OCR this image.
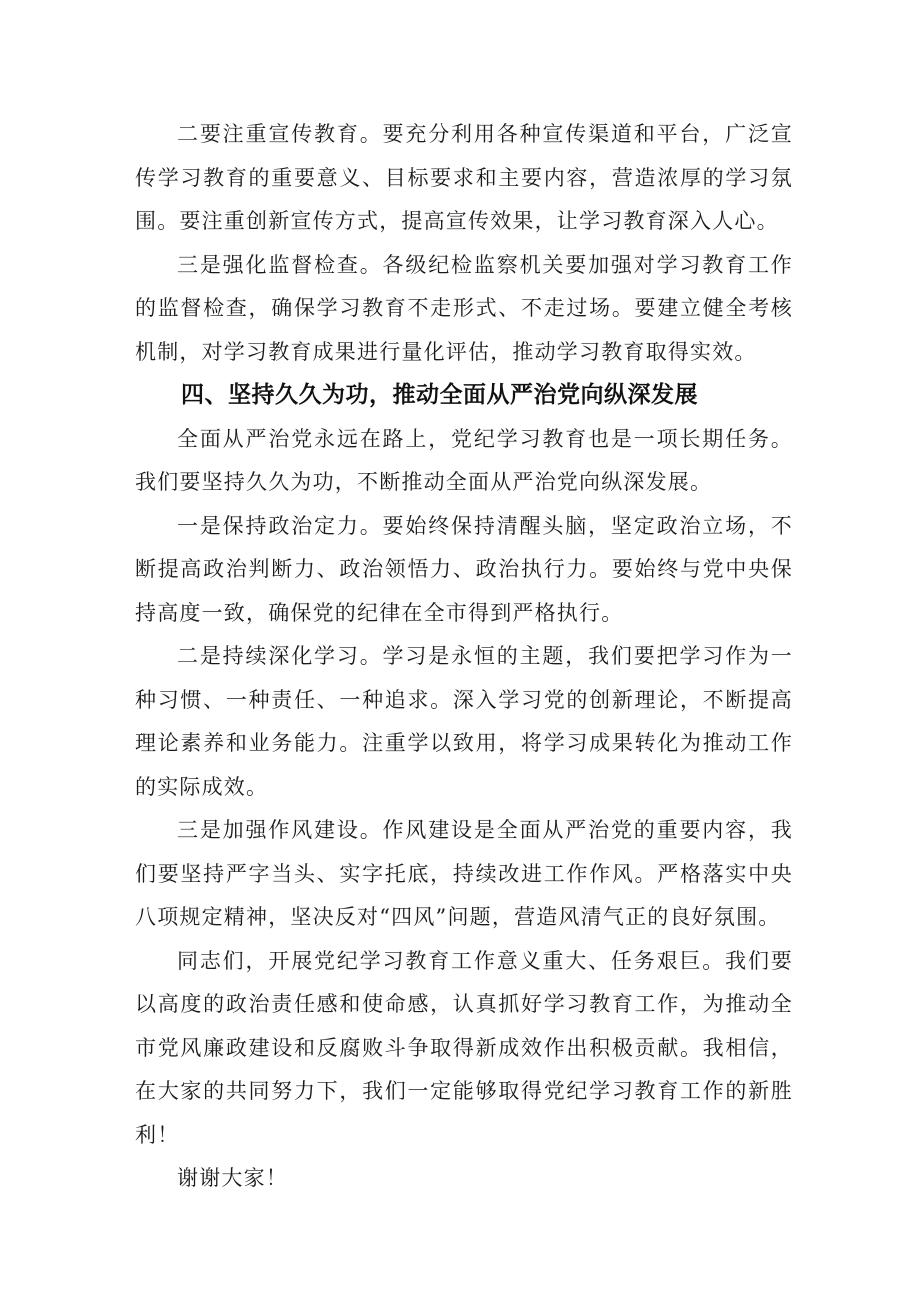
二要注重宣传教育。要充分利用各种宣传渠道和平台，广泛宣传学习教育的重要意义、目标要求和主要内容，营造浓厚的学习氛围。要注重创新宣传方式，提高宣传效果，让学习教育深入人心。

三是强化监督检查。各级纪检监察机关要加强对学习教育工作的监督检查，确保学习教育不走形式、不走过场。要建立健全考核机制，对学习教育成果进行量化评估，推动学习教育取得实效。

四、坚持久久为功，推动全面从严治党向纵深发展

全面从严治党永远在路上，党纪学习教育也是一项长期任务。我们要坚持久久为功，不断推动全面从严治党向纵深发展。

一是保持政治定力。要始终保持清醒头脑，坚定政治立场，不断提高政治判断力、政治领悟力、政治执行力。要始终与党中央保持高度一致，确保党的纪律在全市得到严格执行。

二是持续深化学习。学习是永恒的主题，我们要把学习作为一种习惯、一种责任、一种追求。深入学习党的创新理论，不断提高理论素养和业务能力。注重学以致用，将学习成果转化为推动工作的实际成效。

三是加强作风建设。作风建设是全面从严治党的重要内容，我们要坚持严字当头、实字托底，持续改进工作作风。严格落实中央八项规定精神，坚决反对“四风”问题，营造风清气正的良好氛围。

同志们，开展党纪学习教育工作意义重大、任务艰巨。我们要以高度的政治责任感和使命感，认真抓好学习教育工作，为推动全市党风廉政建设和反腐败斗争取得新成效作出积极贡献。我相信，在大家的共同努力下，我们一定能够取得党纪学习教育工作的新胜利！

谢谢大家！
